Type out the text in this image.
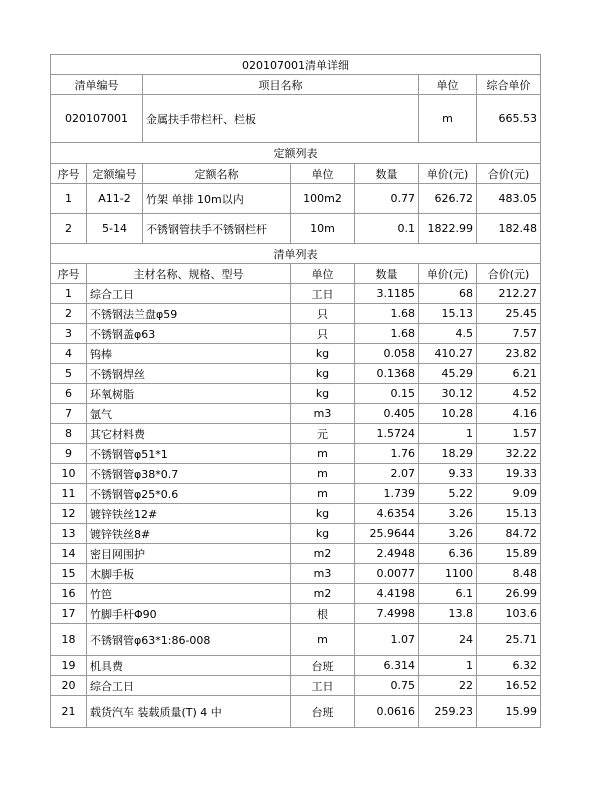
020107001清单详细						
清单编号		项目名称			单位	综合单价
020107001		金属扶手带栏杆、栏板			m	665.53
定额列表						
序号	定额编号	定额名称	单位	数量	单价(元)	合价(元)
1	A11-2	竹架 单排 10m以内	100m2	0.77	626.72	483.05
2	5-14	不锈钢管扶手不锈钢栏杆	10m	0.1	1822.99	182.48
清单列表						
序号	主材名称、规格、型号		单位	数量	单价(元)	合价(元)
1	综合工日		工日	3.1185	68	212.27
2	不锈钢法兰盘φ59		只	1.68	15.13	25.45
3	不锈钢盖φ63		只	1.68	4.5	7.57
4	钨棒		kg	0.058	410.27	23.82
5	不锈钢焊丝		kg	0.1368	45.29	6.21
6	环氧树脂		kg	0.15	30.12	4.52
7	氩气		m3	0.405	10.28	4.16
8	其它材料费		元	1.5724	1	1.57
9	不锈钢管φ51*1		m	1.76	18.29	32.22
10	不锈钢管φ38*0.7		m	2.07	9.33	19.33
11	不锈钢管φ25*0.6		m	1.739	5.22	9.09
12	镀锌铁丝12#		kg	4.6354	3.26	15.13
13	镀锌铁丝8#		kg	25.9644	3.26	84.72
14	密目网围护		m2	2.4948	6.36	15.89
15	木脚手板		m3	0.0077	1100	8.48
16	竹笆		m2	4.4198	6.1	26.99
17	竹脚手杆Φ90		根	7.4998	13.8	103.6
18	不锈钢管φ63*1:86-008		m	1.07	24	25.71
19	机具费		台班	6.314	1	6.32
20	综合工日		工日	0.75	22	16.52
21	载货汽车 装载质量(T) 4 中		台班	0.0616	259.23	15.99
